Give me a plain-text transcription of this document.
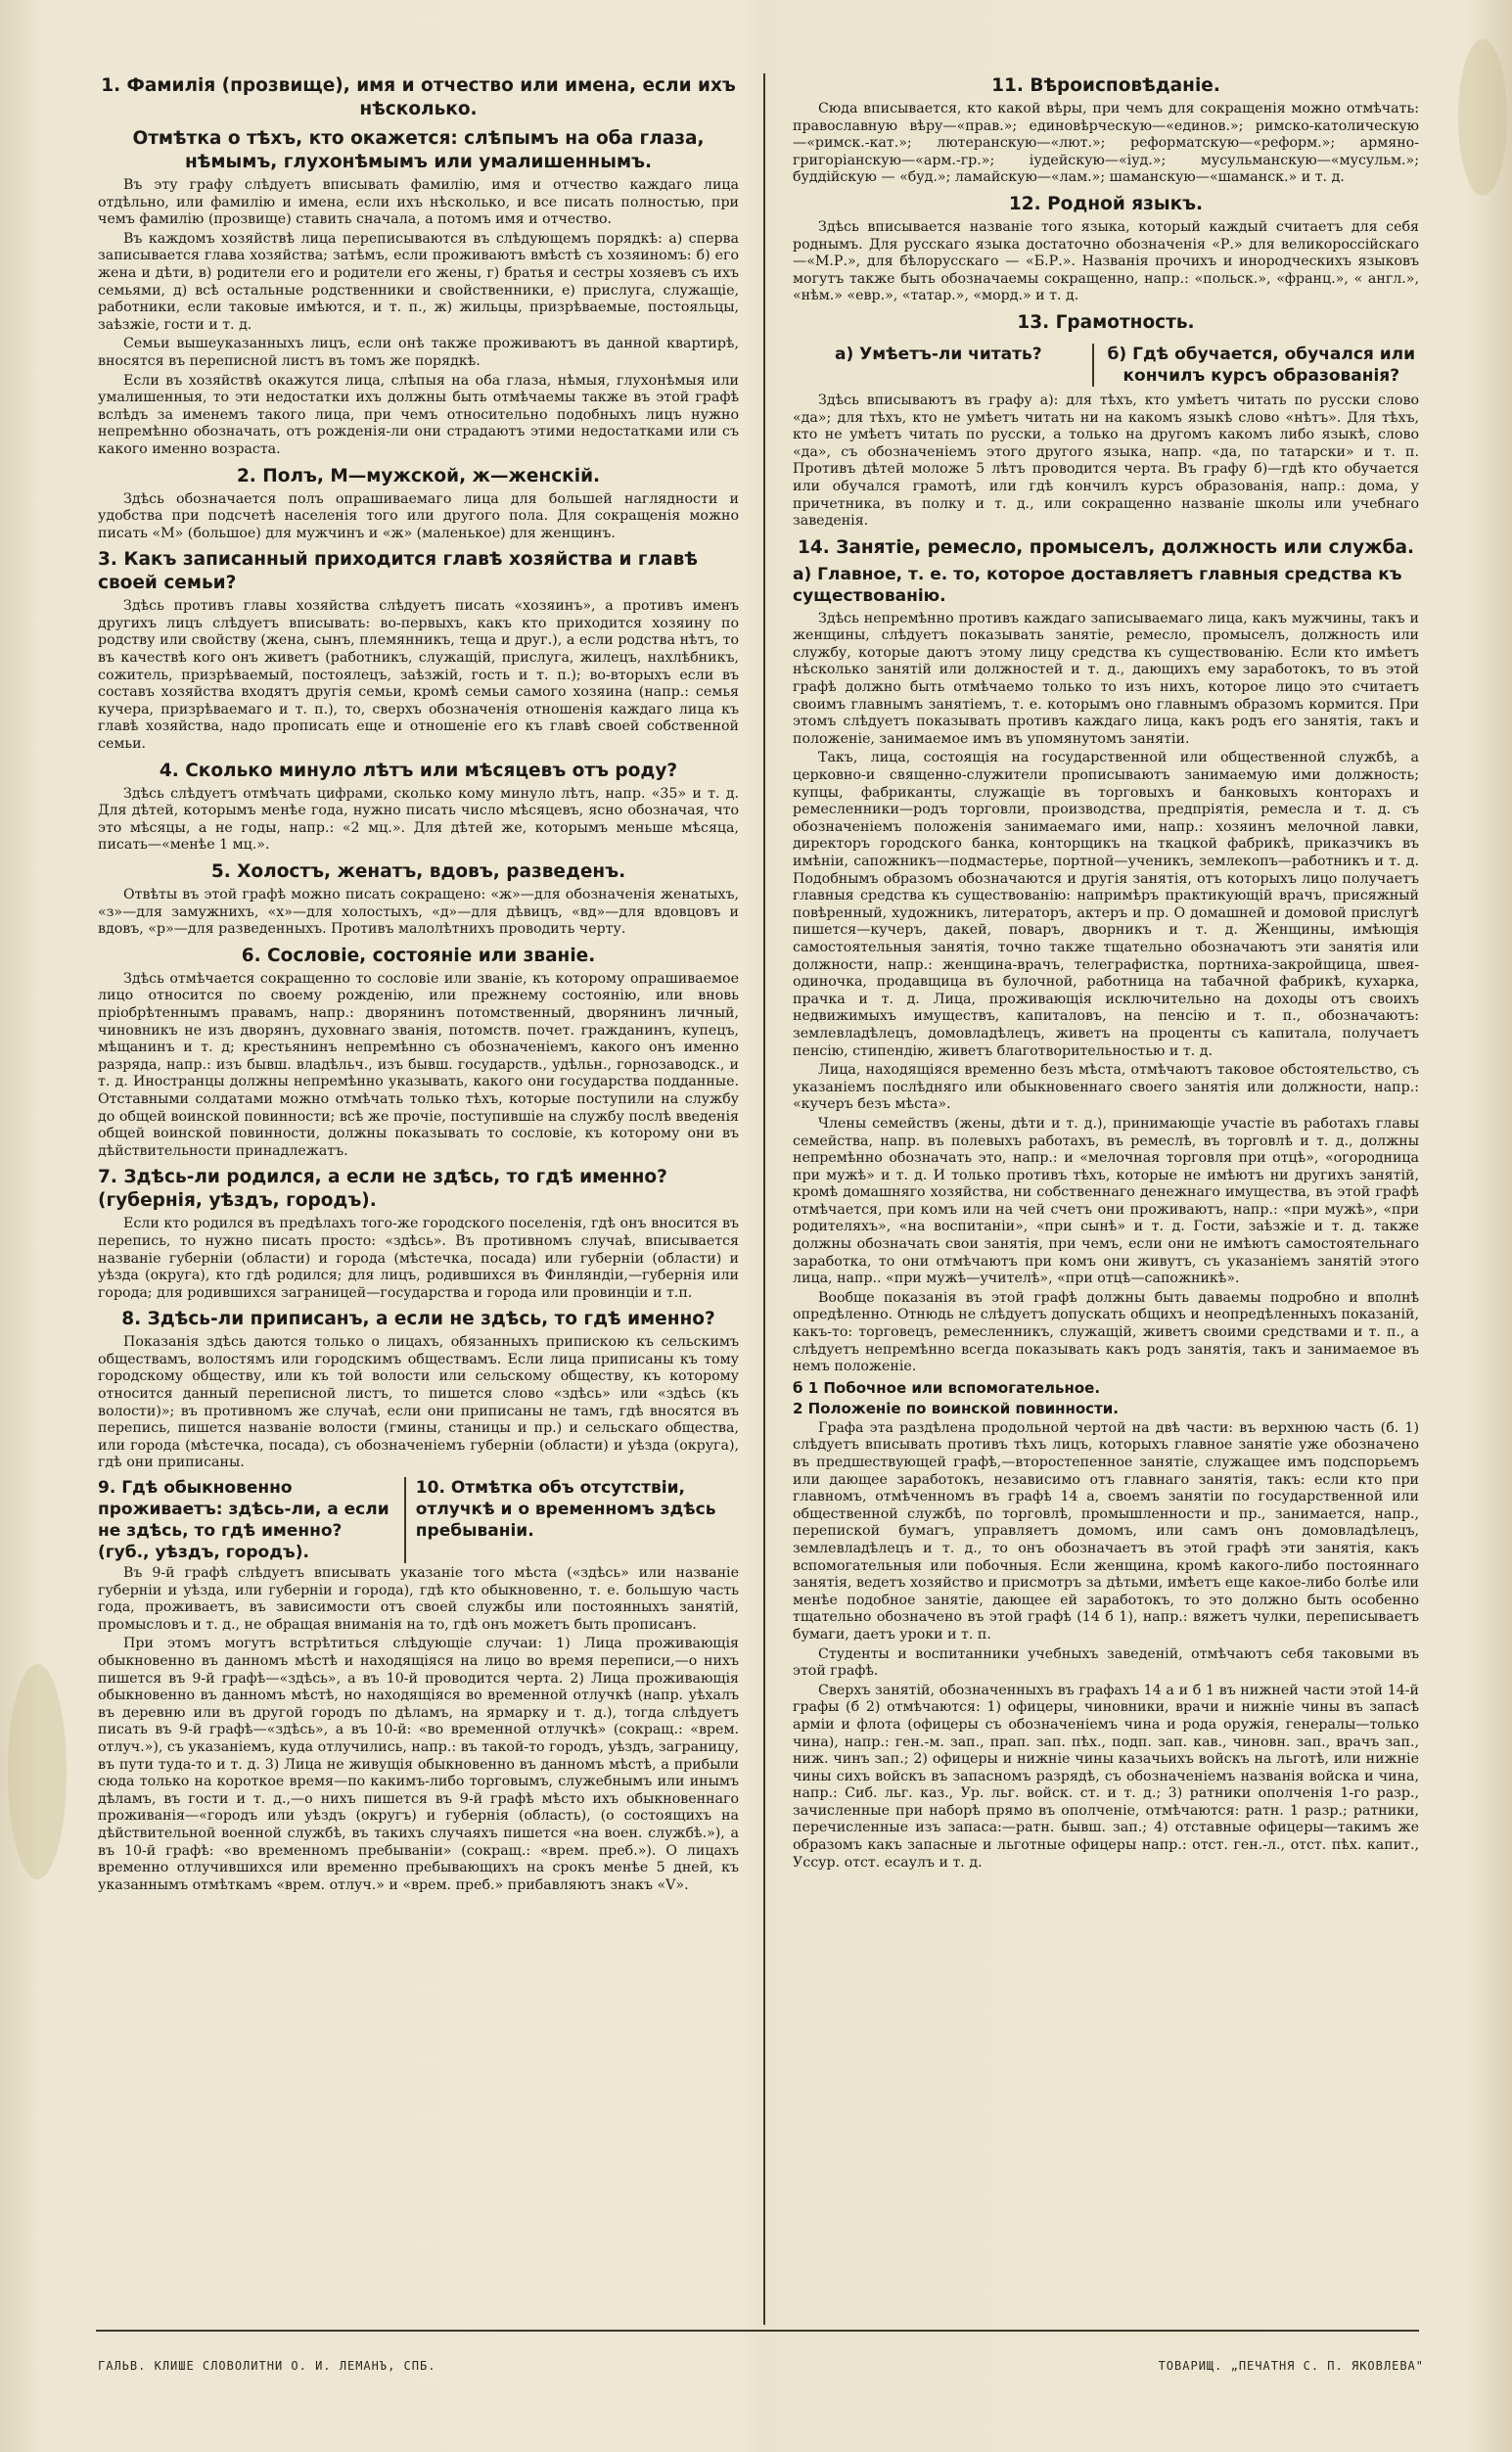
1. Фамилія (прозвище), имя и отчество или имена, если ихъ нѣсколько.
Отмѣтка о тѣхъ, кто окажется: слѣпымъ на оба глаза, нѣмымъ, глухонѣмымъ или умалишеннымъ.

Въ эту графу слѣдуетъ вписывать фамилію, имя и отчество каждаго лица отдѣльно, или фамилію и имена, если ихъ нѣсколько, и все писать полностью, при чемъ фамилію (прозвище) ставить сначала, а потомъ имя и отчество.

Въ каждомъ хозяйствѣ лица переписываются въ слѣдующемъ порядкѣ: а) сперва записывается глава хозяйства; затѣмъ, если проживаютъ вмѣстѣ съ хозяиномъ: б) его жена и дѣти, в) родители его и родители его жены, г) братья и сестры хозяевъ съ ихъ семьями, д) всѣ остальные родственники и свойственники, е) прислуга, служащіе, работники, если таковые имѣются, и т. п., ж) жильцы, призрѣваемые, постояльцы, заѣзжіе, гости и т. д.

Семьи вышеуказанныхъ лицъ, если онѣ также проживаютъ въ данной квартирѣ, вносятся въ переписной листъ въ томъ же порядкѣ.

Если въ хозяйствѣ окажутся лица, слѣпыя на оба глаза, нѣмыя, глухонѣмыя или умалишенныя, то эти недостатки ихъ должны быть отмѣчаемы также въ этой графѣ вслѣдъ за именемъ такого лица, при чемъ относительно подобныхъ лицъ нужно непремѣнно обозначать, отъ рожденія-ли они страдаютъ этими недостатками или съ какого именно возраста.

2. Полъ, М—мужской, ж—женскій.

Здѣсь обозначается полъ опрашиваемаго лица для большей наглядности и удобства при подсчетѣ населенія того или другого пола. Для сокращенія можно писать «М» (большое) для мужчинъ и «ж» (маленькое) для женщинъ.

3. Какъ записанный приходится главѣ хозяйства и главѣ своей семьи?

Здѣсь противъ главы хозяйства слѣдуетъ писать «хозяинъ», а противъ именъ другихъ лицъ слѣдуетъ вписывать: во-первыхъ, какъ кто приходится хозяину по родству или свойству (жена, сынъ, племянникъ, теща и друг.), а если родства нѣтъ, то въ качествѣ кого онъ живетъ (работникъ, служащій, прислуга, жилецъ, нахлѣбникъ, сожитель, призрѣваемый, постоялецъ, заѣзжій, гость и т. п.); во-вторыхъ если въ составъ хозяйства входятъ другія семьи, кромѣ семьи самого хозяина (напр.: семья кучера, призрѣваемаго и т. п.), то, сверхъ обозначенія отношенія каждаго лица къ главѣ хозяйства, надо прописать еще и отношеніе его къ главѣ своей собственной семьи.

4. Сколько минуло лѣтъ или мѣсяцевъ отъ роду?

Здѣсь слѣдуетъ отмѣчать цифрами, сколько кому минуло лѣтъ, напр. «35» и т. д. Для дѣтей, которымъ менѣе года, нужно писать число мѣсяцевъ, ясно обозначая, что это мѣсяцы, а не годы, напр.: «2 мц.». Для дѣтей же, которымъ меньше мѣсяца, писать—«менѣе 1 мц.».

5. Холостъ, женатъ, вдовъ, разведенъ.

Отвѣты въ этой графѣ можно писать сокращено: «ж»—для обозначенія женатыхъ, «з»—для замужнихъ, «х»—для холостыхъ, «д»—для дѣвицъ, «вд»—для вдовцовъ и вдовъ, «р»—для разведенныхъ. Противъ малолѣтнихъ проводить черту.

6. Сословіе, состояніе или званіе.

Здѣсь отмѣчается сокращенно то сословіе или званіе, къ которому опрашиваемое лицо относится по своему рожденію, или прежнему состоянію, или вновь пріобрѣтеннымъ правамъ, напр.: дворянинъ потомственный, дворянинъ личный, чиновникъ не изъ дворянъ, духовнаго званія, потомств. почет. гражданинъ, купецъ, мѣщанинъ и т. д; крестьянинъ непремѣнно съ обозначеніемъ, какого онъ именно разряда, напр.: изъ бывш. владѣльч., изъ бывш. государств., удѣльн., горнозаводск., и т. д. Иностранцы должны непремѣнно указывать, какого они государства подданные. Отставными солдатами можно отмѣчать только тѣхъ, которые поступили на службу до общей воинской повинности; всѣ же прочіе, поступившіе на службу послѣ введенія общей воинской повинности, должны показывать то сословіе, къ которому они въ дѣйствительности принадлежатъ.

7. Здѣсь-ли родился, а если не здѣсь, то гдѣ именно? (губернія, уѣздъ, городъ).

Если кто родился въ предѣлахъ того-же городского поселенія, гдѣ онъ вносится въ перепись, то нужно писать просто: «здѣсь». Въ противномъ случаѣ, вписывается названіе губерніи (области) и города (мѣстечка, посада) или губерніи (области) и уѣзда (округа), кто гдѣ родился; для лицъ, родившихся въ Финляндіи,—губернія или города; для родившихся заграницей—государства и города или провинціи и т.п.

8. Здѣсь-ли приписанъ, а если не здѣсь, то гдѣ именно?

Показанія здѣсь даются только о лицахъ, обязанныхъ припискою къ сельскимъ обществамъ, волостямъ или городскимъ обществамъ. Если лица приписаны къ тому городскому обществу, или къ той волости или сельскому обществу, къ которому относится данный переписной листъ, то пишется слово «здѣсь» или «здѣсь (къ волости)»; въ противномъ же случаѣ, если они приписаны не тамъ, гдѣ вносятся въ перепись, пишется названіе волости (гмины, станицы и пр.) и сельскаго общества, или города (мѣстечка, посада), съ обозначеніемъ губерніи (области) и уѣзда (округа), гдѣ они приписаны.

9. Гдѣ обыкновенно проживаетъ: здѣсь-ли, а если не здѣсь, то гдѣ именно? (губ., уѣздъ, городъ).
10. Отмѣтка объ отсутствіи, отлучкѣ и о временномъ здѣсь пребываніи.

Въ 9-й графѣ слѣдуетъ вписывать указаніе того мѣста («здѣсь» или названіе губерніи и уѣзда, или губерніи и города), гдѣ кто обыкновенно, т. е. большую часть года, проживаетъ, въ зависимости отъ своей службы или постоянныхъ занятій, промысловъ и т. д., не обращая вниманія на то, гдѣ онъ можетъ быть прописанъ.

При этомъ могутъ встрѣтиться слѣдующіе случаи: 1) Лица проживающія обыкновенно въ данномъ мѣстѣ и находящіяся на лицо во время переписи,—о нихъ пишется въ 9-й графѣ—«здѣсь», а въ 10-й проводится черта. 2) Лица проживающія обыкновенно въ данномъ мѣстѣ, но находящіяся во временной отлучкѣ (напр. уѣхалъ въ деревню или въ другой городъ по дѣламъ, на ярмарку и т. д.), тогда слѣдуетъ писать въ 9-й графѣ—«здѣсь», а въ 10-й: «во временной отлучкѣ» (сокращ.: «врем. отлуч.»), съ указаніемъ, куда отлучились, напр.: въ такой-то городъ, уѣздъ, заграницу, въ пути туда-то и т. д. 3) Лица не живущія обыкновенно въ данномъ мѣстѣ, а прибыли сюда только на короткое время—по какимъ-либо торговымъ, служебнымъ или инымъ дѣламъ, въ гости и т. д.,—о нихъ пишется въ 9-й графѣ мѣсто ихъ обыкновеннаго проживанія—«городъ или уѣздъ (округъ) и губернія (область), (о состоящихъ на дѣйствительной военной службѣ, въ такихъ случаяхъ пишется «на воен. службѣ.»), а въ 10-й графѣ: «во временномъ пребываніи» (сокращ.: «врем. преб.»). О лицахъ временно отлучившихся или временно пребывающихъ на срокъ менѣе 5 дней, къ указаннымъ отмѣткамъ «врем. отлуч.» и «врем. преб.» прибавляютъ знакъ «V».

11. Вѣроисповѣданіе.

Сюда вписывается, кто какой вѣры, при чемъ для сокращенія можно отмѣчать: православную вѣру—«прав.»; единовѣрческую—«единов.»; римско-католическую—«римск.-кат.»; лютеранскую—«лют.»; реформатскую—«реформ.»; армяно-григоріанскую—«арм.-гр.»; іудейскую—«іуд.»; мусульманскую—«мусульм.»; буддійскую — «буд.»; ламайскую—«лам.»; шаманскую—«шаманск.» и т. д.

12. Родной языкъ.

Здѣсь вписывается названіе того языка, который каждый считаетъ для себя роднымъ. Для русскаго языка достаточно обозначенія «Р.» для великороссійскаго—«М.Р.», для бѣлорусскаго — «Б.Р.». Названія прочихъ и инородческихъ языковъ могутъ также быть обозначаемы сокращенно, напр.: «польск.», «франц.», « англ.», «нѣм.» «евр.», «татар.», «морд.» и т. д.

13. Грамотность.
а) Умѣетъ-ли читать?	б) Гдѣ обучается, обучался или кончилъ курсъ образованія?

Здѣсь вписываютъ въ графу а): для тѣхъ, кто умѣетъ читать по русски слово «да»; для тѣхъ, кто не умѣетъ читать ни на какомъ языкѣ слово «нѣтъ». Для тѣхъ, кто не умѣетъ читать по русски, а только на другомъ какомъ либо языкѣ, слово «да», съ обозначеніемъ этого другого языка, напр. «да, по татарски» и т. п. Противъ дѣтей моложе 5 лѣтъ проводится черта. Въ графу б)—гдѣ кто обучается или обучался грамотѣ, или гдѣ кончилъ курсъ образованія, напр.: дома, у причетника, въ полку и т. д., или сокращенно названіе школы или учебнаго заведенія.

14. Занятіе, ремесло, промыселъ, должность или служба.
а) Главное, т. е. то, которое доставляетъ главныя средства къ существованію.

Здѣсь непремѣнно противъ каждаго записываемаго лица, какъ мужчины, такъ и женщины, слѣдуетъ показывать занятіе, ремесло, промыселъ, должность или службу, которые даютъ этому лицу средства къ существованію. Если кто имѣетъ нѣсколько занятій или должностей и т. д., дающихъ ему заработокъ, то въ этой графѣ должно быть отмѣчаемо только то изъ нихъ, которое лицо это считаетъ своимъ главнымъ занятіемъ, т. е. которымъ оно главнымъ образомъ кормится. При этомъ слѣдуетъ показывать противъ каждаго лица, какъ родъ его занятія, такъ и положеніе, занимаемое имъ въ упомянутомъ занятіи.

Такъ, лица, состоящія на государственной или общественной службѣ, а церковно-и священно-служители прописываютъ занимаемую ими должность; купцы, фабриканты, служащіе въ торговыхъ и банковыхъ конторахъ и ремесленники—родъ торговли, производства, предпріятія, ремесла и т. д. съ обозначеніемъ положенія занимаемаго ими, напр.: хозяинъ мелочной лавки, директоръ городского банка, конторщикъ на ткацкой фабрикѣ, приказчикъ въ имѣніи, сапожникъ—подмастерье, портной—ученикъ, землекопъ—работникъ и т. д. Подобнымъ образомъ обозначаются и другія занятія, отъ которыхъ лицо получаетъ главныя средства къ существованію: напримѣръ практикующій врачъ, присяжный повѣренный, художникъ, литераторъ, актеръ и пр. О домашней и домовой прислугѣ пишется—кучеръ, дакей, поваръ, дворникъ и т. д. Женщины, имѣющія самостоятельныя занятія, точно также тщательно обозначаютъ эти занятія или должности, напр.: женщина-врачъ, телеграфистка, портниха-закройщица, швея-одиночка, продавщица въ булочной, работница на табачной фабрикѣ, кухарка, прачка и т. д. Лица, проживающія исключительно на доходы отъ своихъ недвижимыхъ имуществъ, капиталовъ, на пенсію и т. п., обозначаютъ: землевладѣлецъ, домовладѣлецъ, живетъ на проценты съ капитала, получаетъ пенсію, стипендію, живетъ благотворительностью и т. д.

Лица, находящіяся временно безъ мѣста, отмѣчаютъ таковое обстоятельство, съ указаніемъ послѣдняго или обыкновеннаго своего занятія или должности, напр.: «кучеръ безъ мѣста».

Члены семействъ (жены, дѣти и т. д.), принимающіе участіе въ работахъ главы семейства, напр. въ полевыхъ работахъ, въ ремеслѣ, въ торговлѣ и т. д., должны непремѣнно обозначать это, напр.: и «мелочная торговля при отцѣ», «огородница при мужѣ» и т. д. И только противъ тѣхъ, которые не имѣютъ ни другихъ занятій, кромѣ домашняго хозяйства, ни собственнаго денежнаго имущества, въ этой графѣ отмѣчается, при комъ или на чей счетъ они проживаютъ, напр.: «при мужѣ», «при родителяхъ», «на воспитаніи», «при сынѣ» и т. д. Гости, заѣзжіе и т. д. также должны обозначать свои занятія, при чемъ, если они не имѣютъ самостоятельнаго заработка, то они отмѣчаютъ при комъ они живутъ, съ указаніемъ занятій этого лица, напр.. «при мужѣ—учителѣ», «при отцѣ—сапожникѣ».

Вообще показанія въ этой графѣ должны быть даваемы подробно и вполнѣ опредѣленно. Отнюдь не слѣдуетъ допускать общихъ и неопредѣленныхъ показаній, какъ-то: торговецъ, ремесленникъ, служащій, живетъ своими средствами и т. п., а слѣдуетъ непремѣнно всегда показывать какъ родъ занятія, такъ и занимаемое въ немъ положеніе.

б 1 Побочное или вспомогательное.
2 Положеніе по воинской повинности.

Графа эта раздѣлена продольной чертой на двѣ части: въ верхнюю часть (б. 1) слѣдуетъ вписывать противъ тѣхъ лицъ, которыхъ главное занятіе уже обозначено въ предшествующей графѣ,—второстепенное занятіе, служащее имъ подспорьемъ или дающее заработокъ, независимо отъ главнаго занятія, такъ: если кто при главномъ, отмѣченномъ въ графѣ 14 а, своемъ занятіи по государственной или общественной службѣ, по торговлѣ, промышленности и пр., занимается, напр., перепиской бумагъ, управляетъ домомъ, или самъ онъ домовладѣлецъ, землевладѣлецъ и т. д., то онъ обозначаетъ въ этой графѣ эти занятія, какъ вспомогательныя или побочныя. Если женщина, кромѣ какого-либо постояннаго занятія, ведетъ хозяйство и присмотръ за дѣтьми, имѣетъ еще какое-либо болѣе или менѣе подобное занятіе, дающее ей заработокъ, то это должно быть особенно тщательно обозначено въ этой графѣ (14 б 1), напр.: вяжетъ чулки, переписываетъ бумаги, даетъ уроки и т. п.

Студенты и воспитанники учебныхъ заведеній, отмѣчаютъ себя таковыми въ этой графѣ.

Сверхъ занятій, обозначенныхъ въ графахъ 14 а и б 1 въ нижней части этой 14-й графы (б 2) отмѣчаются: 1) офицеры, чиновники, врачи и нижніе чины въ запасѣ арміи и флота (офицеры съ обозначеніемъ чина и рода оружія, генералы—только чина), напр.: ген.-м. зап., прап. зап. пѣх., подп. зап. кав., чиновн. зап., врачъ зап., ниж. чинъ зап.; 2) офицеры и нижніе чины казачьихъ войскъ на льготѣ, или нижніе чины сихъ войскъ въ запасномъ разрядѣ, съ обозначеніемъ названія войска и чина, напр.: Сиб. льг. каз., Ур. льг. войск. ст. и т. д.; 3) ратники ополченія 1-го разр., зачисленные при наборѣ прямо въ ополченіе, отмѣчаются: ратн. 1 разр.; ратники, перечисленные изъ запаса:—ратн. бывш. зап.; 4) отставные офицеры—такимъ же образомъ какъ запасные и льготные офицеры напр.: отст. ген.-л., отст. пѣх. капит., Уссур. отст. есаулъ и т. д.

ГАЛЬВ. КЛИШЕ СЛОВОЛИТНИ О. И. ЛЕМАНЪ, СПБ.	ТОВАРИЩ. „ПЕЧАТНЯ С. П. ЯКОВЛЕВА"
